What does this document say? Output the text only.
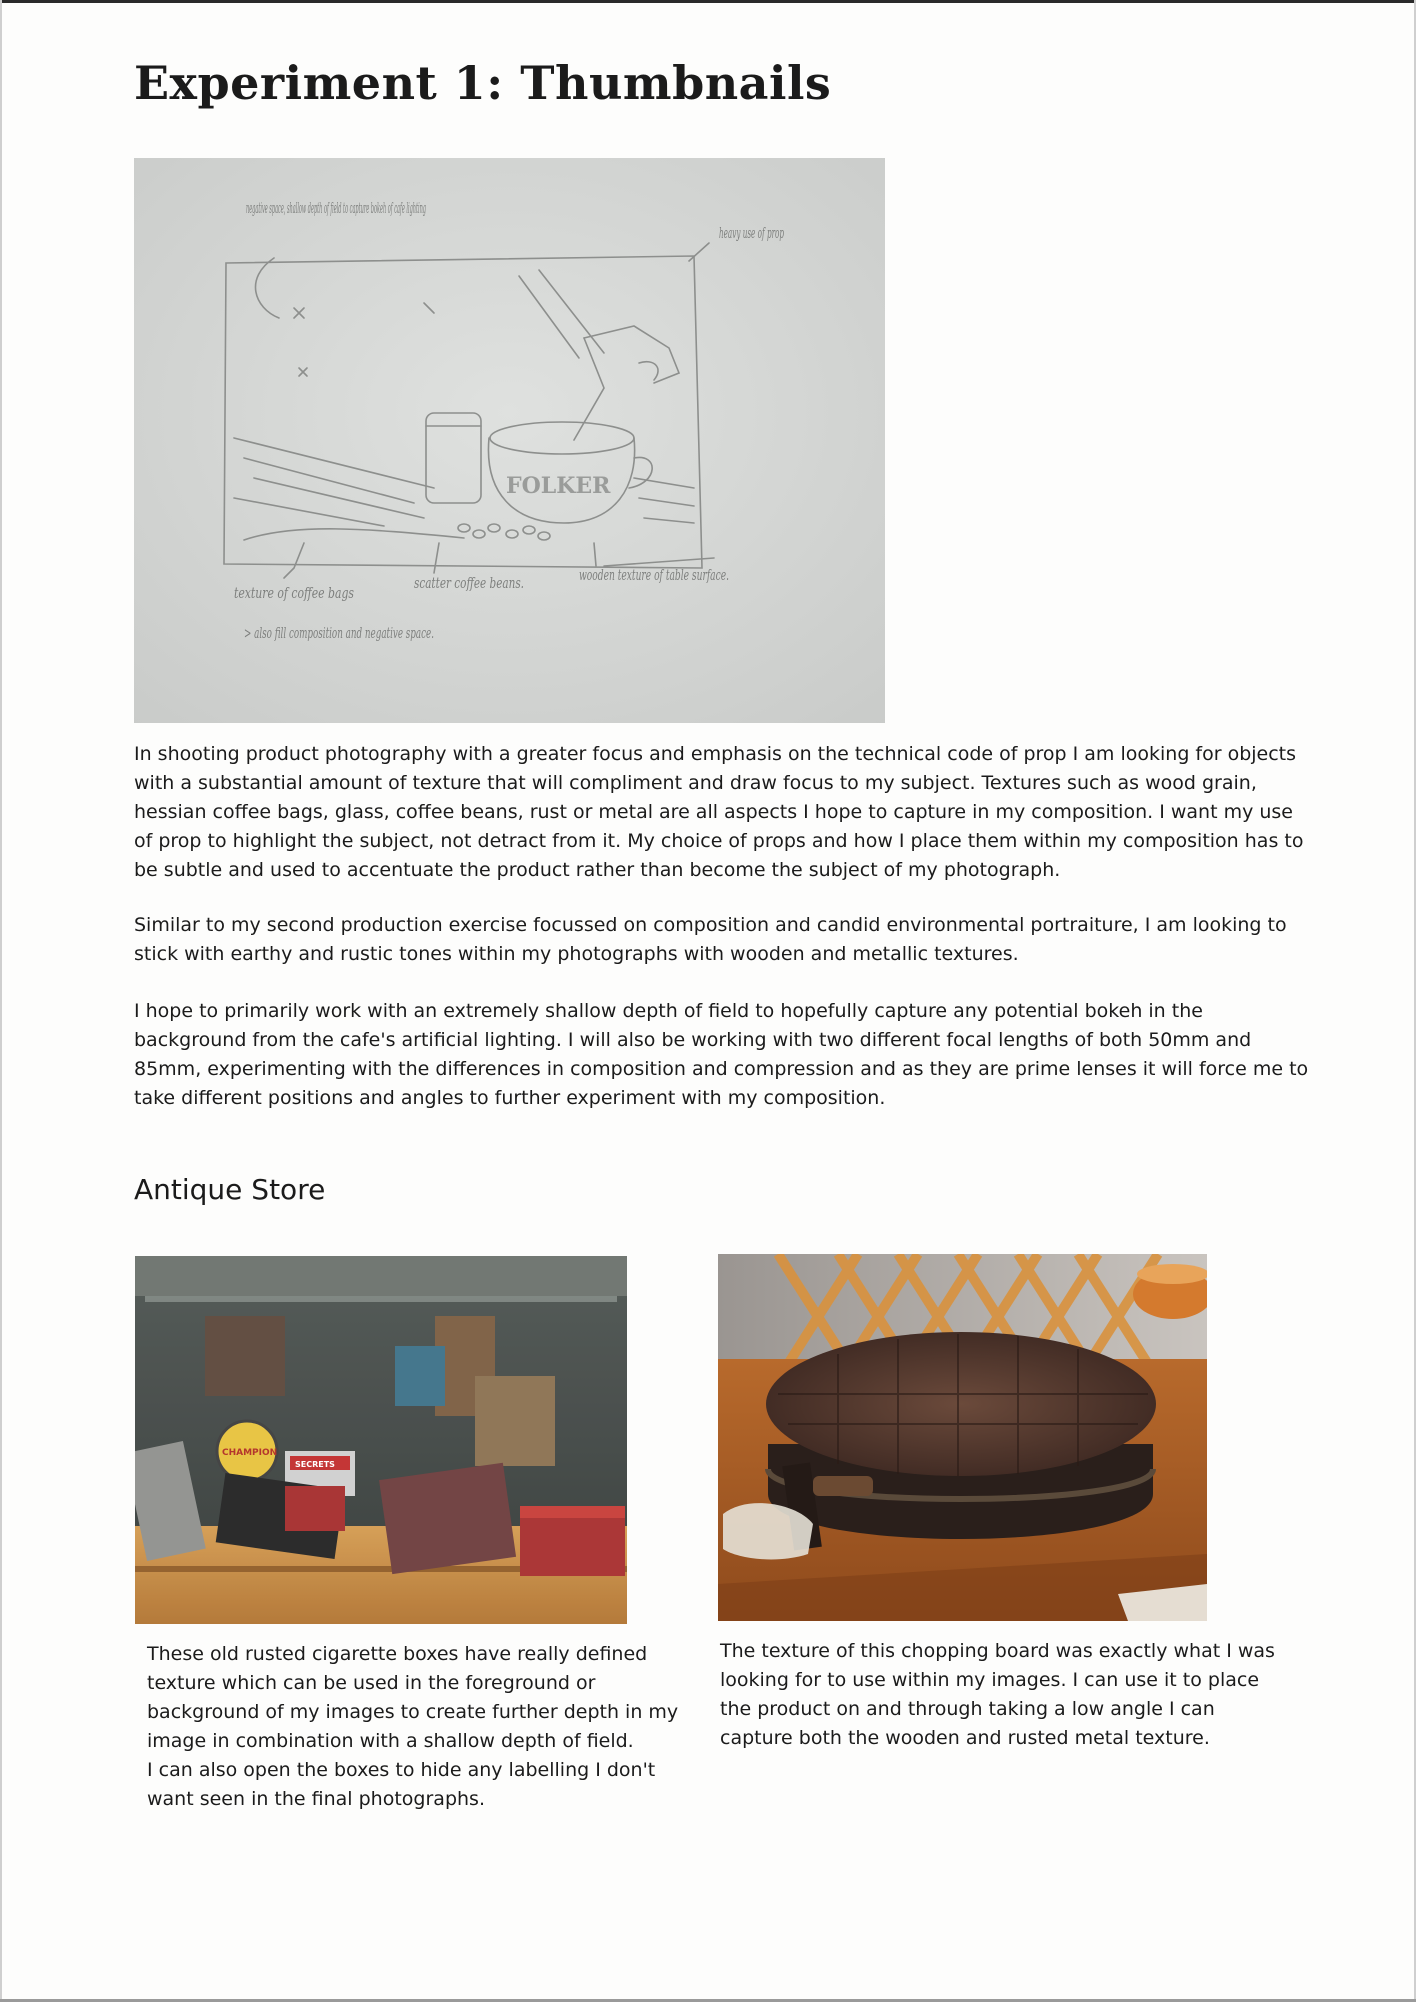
Experiment 1: Thumbnails
negative space, shallow depth of field to capture bokeh of cafe lighting
heavy use of prop
texture of coffee bags
> also fill composition and negative space.
scatter coffee beans.	wooden texture of table surface.
FOLKER

In shooting product photography with a greater focus and emphasis on the technical code of prop I am looking for objects with a substantial amount of texture that will compliment and draw focus to my subject. Textures such as wood grain, hessian coffee bags, glass, coffee beans, rust or metal are all aspects I hope to capture in my composition. I want my use of prop to highlight the subject, not detract from it. My choice of props and how I place them within my composition has to be subtle and used to accentuate the product rather than become the subject of my photograph.

Similar to my second production exercise focussed on composition and candid environmental portraiture, I am looking to stick with earthy and rustic tones within my photographs with wooden and metallic textures.

I hope to primarily work with an extremely shallow depth of field to hopefully capture any potential bokeh in the background from the cafe's artificial lighting. I will also be working with two different focal lengths of both 50mm and 85mm, experimenting with the differences in composition and compression and as they are prime lenses it will force me to take different positions and angles to further experiment with my composition.

Antique Store
CHAMPION
SECRETS

These old rusted cigarette boxes have really defined texture which can be used in the foreground or background of my images to create further depth in my image in combination with a shallow depth of field.
I can also open the boxes to hide any labelling I don't want seen in the final photographs.

The texture of this chopping board was exactly what I was looking for to use within my images. I can use it to place the product on and through taking a low angle I can capture both the wooden and rusted metal texture.
